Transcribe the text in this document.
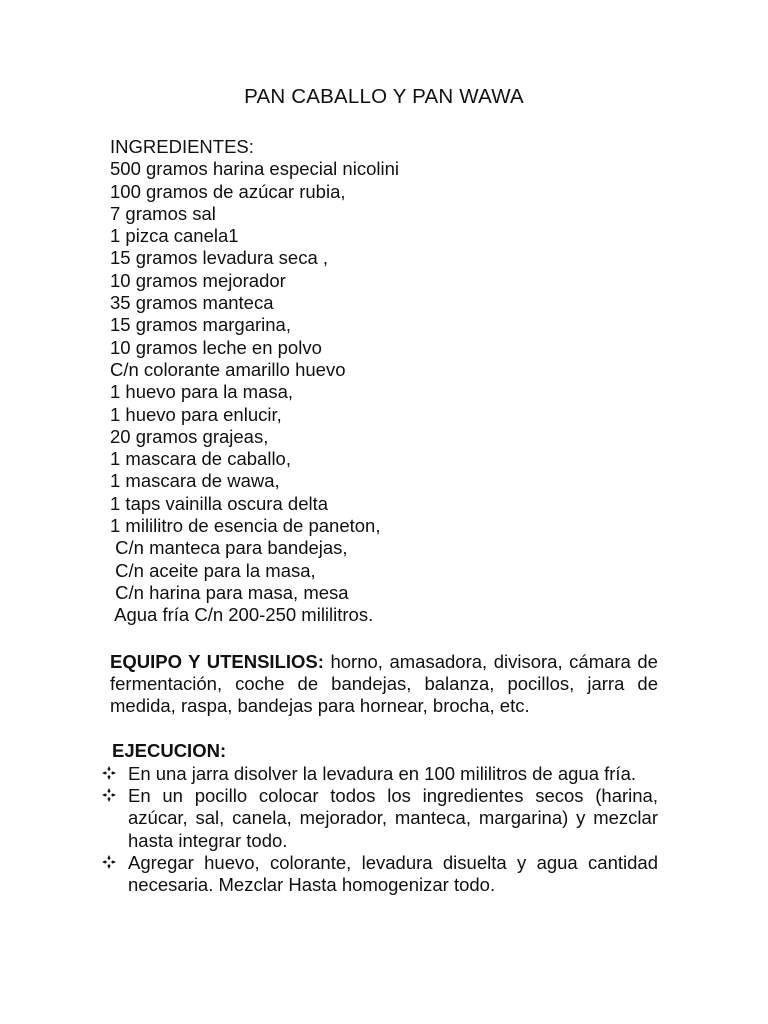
PAN CABALLO Y PAN WAWA
INGREDIENTES:
500 gramos harina especial nicolini
100 gramos de azúcar rubia,
7 gramos sal
1 pizca canela1
15 gramos levadura seca ,
10 gramos mejorador
35 gramos manteca
15 gramos margarina,
10 gramos leche en polvo
C/n colorante amarillo huevo
1 huevo para la masa,
1 huevo para enlucir,
20 gramos grajeas,
1 mascara de caballo,
1 mascara de wawa,
1 taps vainilla oscura delta
1 mililitro de esencia de paneton,
C/n manteca para bandejas,
C/n aceite para la masa,
C/n harina para masa, mesa
Agua fría C/n 200-250 mililitros.
EQUIPO Y UTENSILIOS: horno, amasadora, divisora, cámara de fermentación, coche de bandejas, balanza, pocillos, jarra de medida, raspa, bandejas para hornear, brocha, etc.
EJECUCION:
En una jarra disolver la levadura en 100 mililitros de agua fría.
En un pocillo colocar todos los ingredientes secos (harina, azúcar, sal, canela, mejorador, manteca, margarina) y mezclar hasta integrar todo.
Agregar huevo, colorante, levadura disuelta y agua cantidad necesaria. Mezclar Hasta homogenizar todo.
